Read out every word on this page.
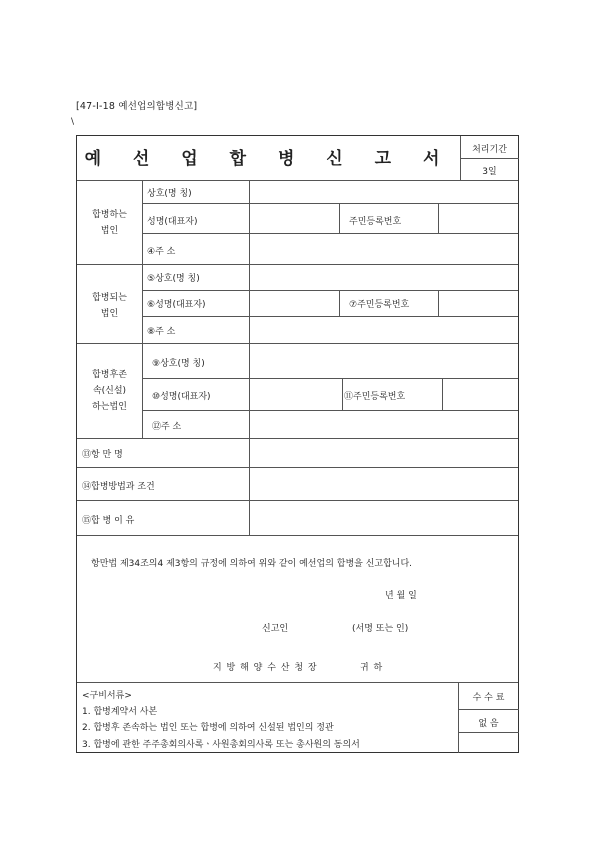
[47-Ⅰ-18 예선업의합병신고]
\
예 선 업 합 병 신 고 서	처리기간
3일
합병하는
법인
상호(명 칭)
성명(대표자)	주민등록번호
④주 소
합병되는
법인
⑤상호(명 칭)
⑥성명(대표자)	⑦주민등록번호
⑧주 소
합병후존
속(신설)
하는법인
⑨상호(명 칭)
⑩성명(대표자)	⑪주민등록번호
⑫주 소
⑬항 만 명
⑭합병방법과 조건
⑮합 병 이 유
항만법 제34조의4 제3항의 규정에 의하여 위와 같이 예선업의 합병을 신고합니다.
년 월 일
신고인	(서명 또는 인)
지 방 해 양 수 산 청 장	귀 하
<구비서류>
1. 합병계약서 사본
2. 합병후 존속하는 법인 또는 합병에 의하여 신설된 법인의 정관
3. 합병에 관한 주주총회의사록ㆍ사원총회의사록 또는 총사원의 동의서
수 수 료
없 음
